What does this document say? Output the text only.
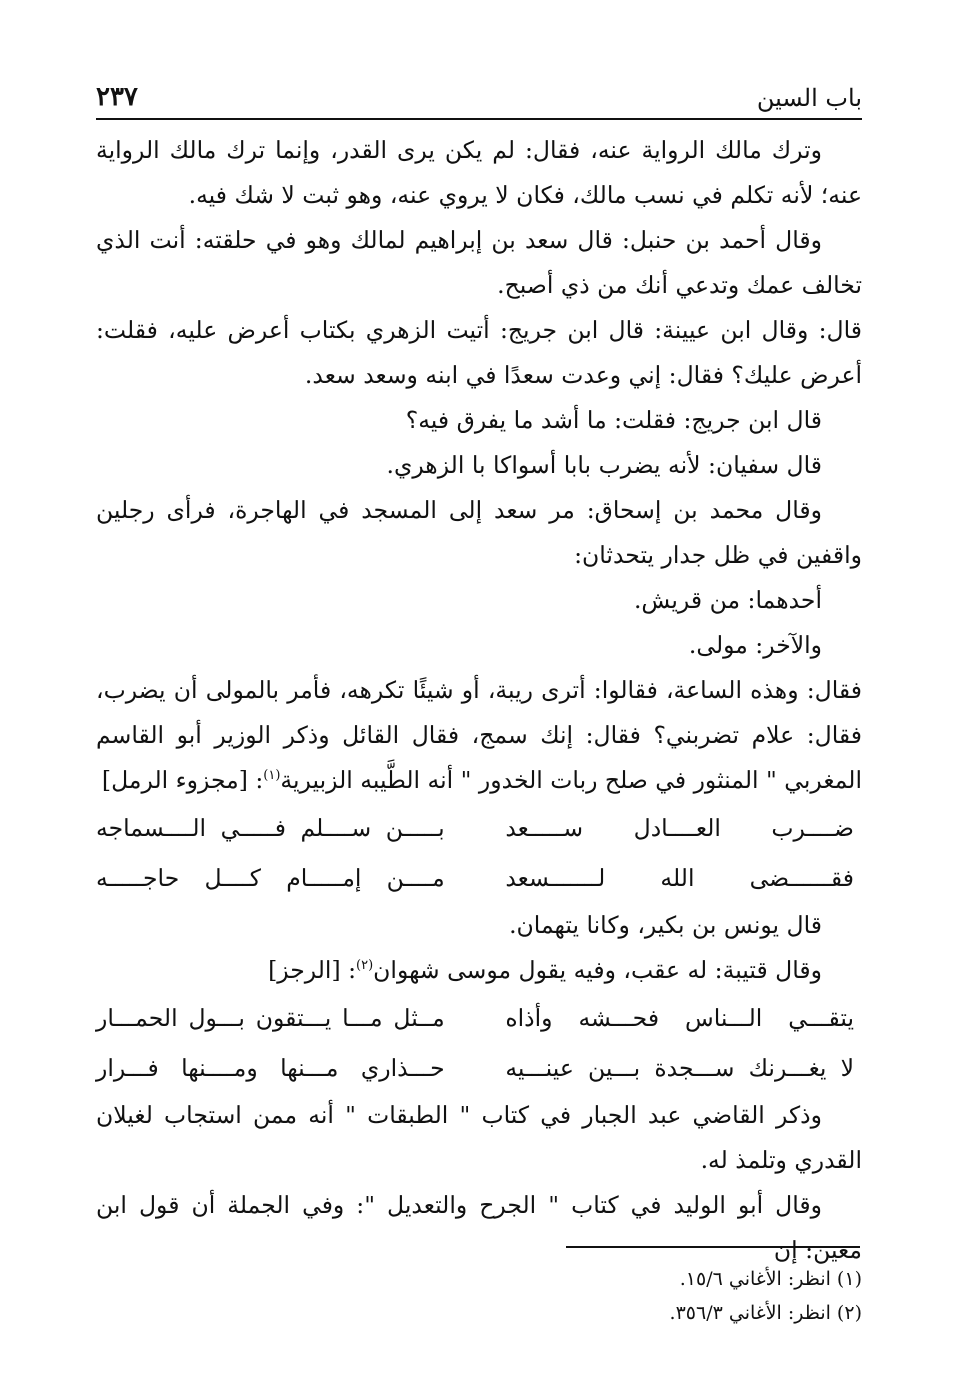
باب السين
٢٣٧

وترك مالك الرواية عنه، فقال: لم يكن يرى القدر، وإنما ترك مالك الرواية عنه؛ لأنه تكلم في نسب مالك، فكان لا يروي عنه، وهو ثبت لا شك فيه.

وقال أحمد بن حنبل: قال سعد بن إبراهيم لمالك وهو في حلقته: أنت الذي تخالف عمك وتدعي أنك من ذي أصبح.

قال: وقال ابن عيينة: قال ابن جريج: أتيت الزهري بكتاب أعرض عليه، فقلت: أعرض عليك؟ فقال: إني وعدت سعدًا في ابنه وسعد سعد.

قال ابن جريج: فقلت: ما أشد ما يفرق فيه؟

قال سفيان: لأنه يضرب بابا أسواكا با الزهري.

وقال محمد بن إسحاق: مر سعد إلى المسجد في الهاجرة، فرأى رجلين واقفين في ظل جدار يتحدثان:

أحدهما: من قريش.

والآخر: مولى.

فقال: وهذه الساعة، فقالوا: أترى ريبة، أو شيئًا تكرهه، فأمر بالمولى أن يضرب، فقال: علام تضربني؟ فقال: إنك سمج، فقال القائل وذكر الوزير أبو القاسم المغربي " المنثور في صلح ربات الخدور " أنه الطَّيبه الزبيرية$^{(١)}$: [مجزوء الرمل]

ضــــرب العــــادل ســـــعد
بـــــن ســــلم فـــــي الــــسماجه
فقــــــضى الله لـــــــسعد
مــــن إمـــــام كــــل حاجـــــه

قال يونس بن بكير، وكانا يتهمان.

وقال قتيبة: له عقب، وفيه يقول موسى شهوان$^{(٢)}$: [الرجز]

يتقـــي الـــناس فحـــشه وأذاه
مــثل مـــا يـــتقون بـــول الحمـــار
لا يغـــرنك ســـجدة بـــين عينـــيه
حـــذاري مـــنها ومــــنها فـــرار

وذكر القاضي عبد الجبار في كتاب " الطبقات " أنه ممن استجاب لغيلان القدري وتلمذ له.

وقال أبو الوليد في كتاب " الجرح والتعديل ": وفي الجملة أن قول ابن معين: إن

(١) انظر: الأغاني ١٥/٦.

(٢) انظر: الأغاني ٣٥٦/٣.
